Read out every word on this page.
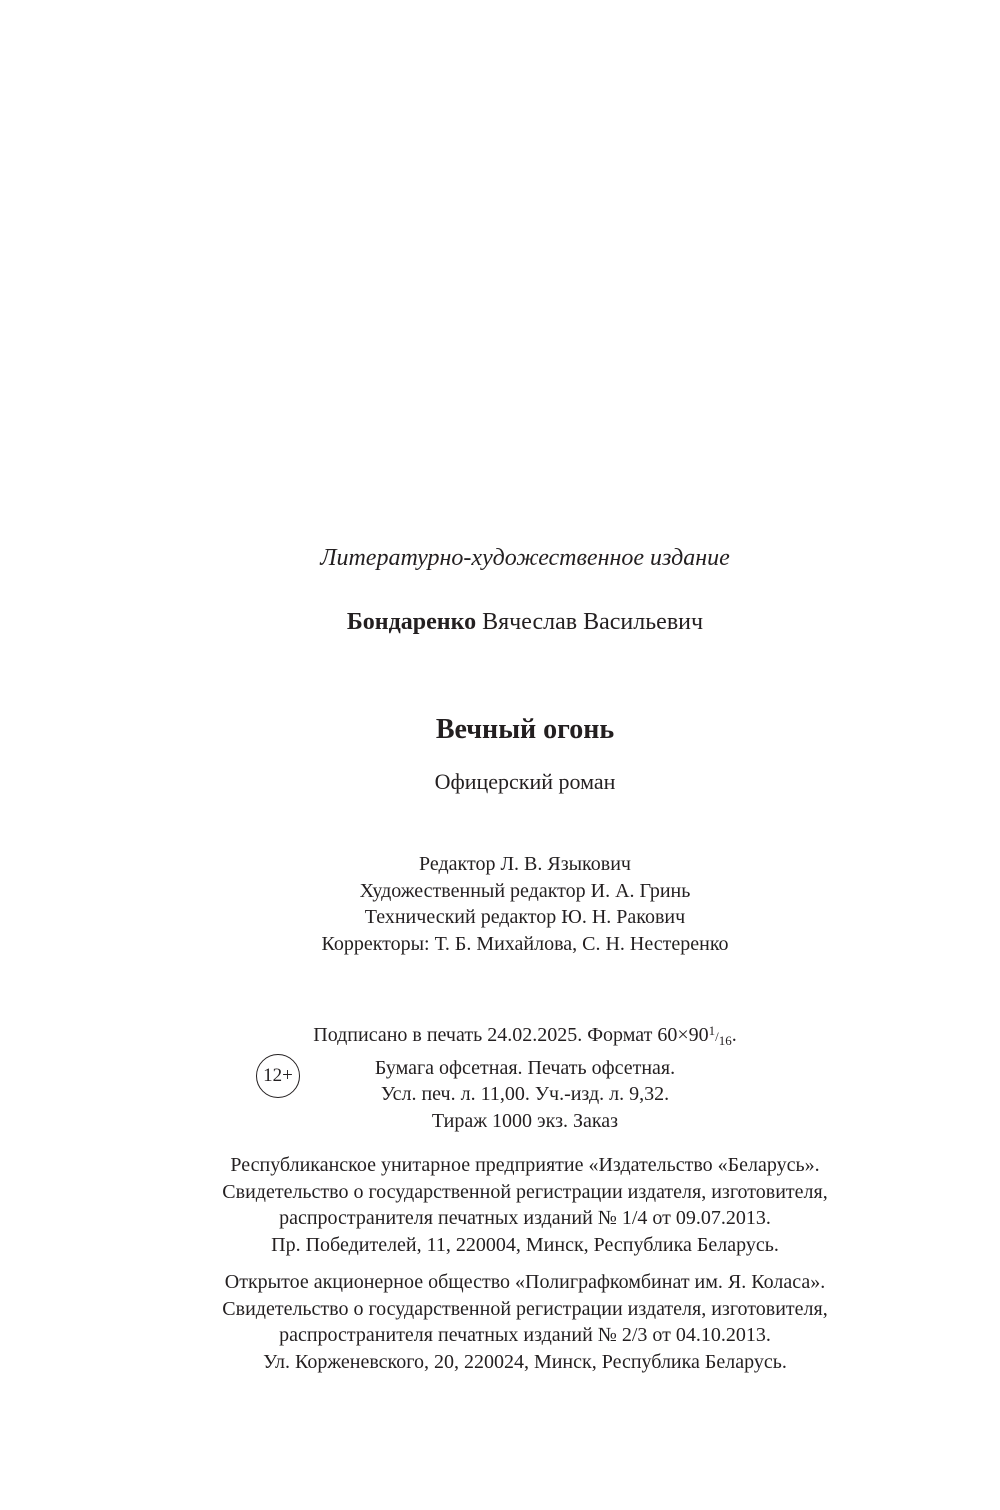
Литературно-художественное издание
Бондаренко Вячеслав Васильевич
Вечный огонь
Офицерский роман
Редактор Л. В. Языкович
Художественный редактор И. А. Гринь
Технический редактор Ю. Н. Ракович
Корректоры: Т. Б. Михайлова, С. Н. Нестеренко
Подписано в печать 24.02.2025. Формат $60\times 90^1/_{16}$.
Бумага офсетная. Печать офсетная.
Усл. печ. л. 11,00. Уч.-изд. л. 9,32.
Тираж 1000 экз. Заказ
12+
Республиканское унитарное предприятие «Издательство «Беларусь».
Свидетельство о государственной регистрации издателя, изготовителя,
распространителя печатных изданий № 1/4 от 09.07.2013.
Пр. Победителей, 11, 220004, Минск, Республика Беларусь.
Открытое акционерное общество «Полиграфкомбинат им. Я. Коласа».
Свидетельство о государственной регистрации издателя, изготовителя,
распространителя печатных изданий № 2/3 от 04.10.2013.
Ул. Корженевского, 20, 220024, Минск, Республика Беларусь.
